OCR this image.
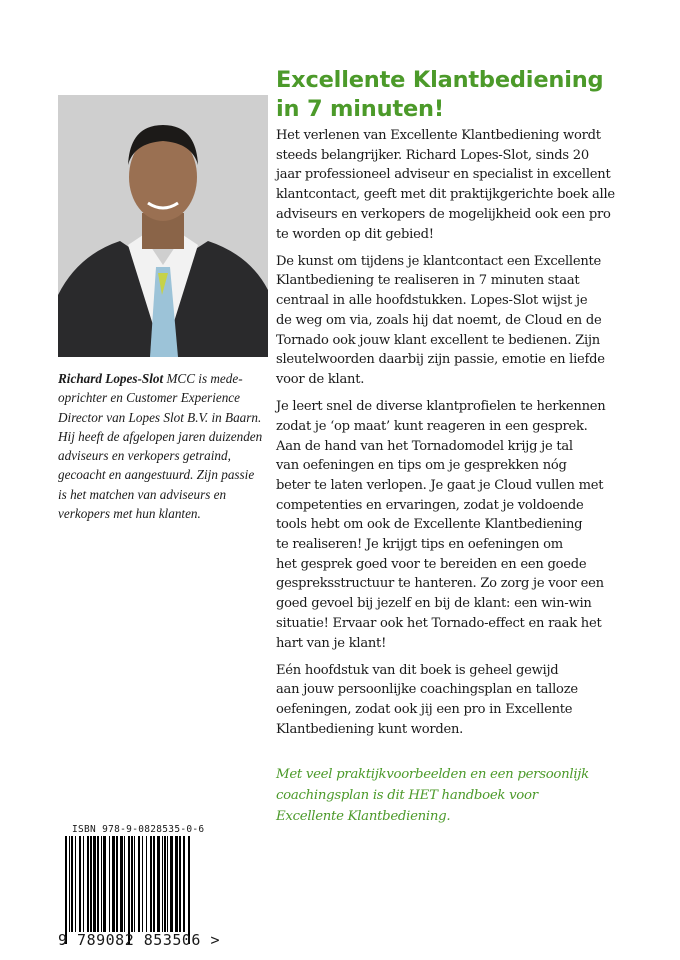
Richard Lopes-Slot MCC is mede-
oprichter en Customer Experience
Director van Lopes Slot B.V. in Baarn.
Hij heeft de afgelopen jaren duizenden
adviseurs en verkopers getraind,
gecoacht en aangestuurd. Zijn passie
is het matchen van adviseurs en
verkopers met hun klanten.
Excellente Klantbediening
in 7 minuten!
Het verlenen van Excellente Klantbediening wordt
steeds belangrijker. Richard Lopes-Slot, sinds 20
jaar professioneel adviseur en specialist in excellent
klantcontact, geeft met dit praktijkgerichte boek alle
adviseurs en verkopers de mogelijkheid ook een pro
te worden op dit gebied!
De kunst om tijdens je klantcontact een Excellente
Klantbediening te realiseren in 7 minuten staat
centraal in alle hoofdstukken. Lopes-Slot wijst je
de weg om via, zoals hij dat noemt, de Cloud en de
Tornado ook jouw klant excellent te bedienen. Zijn
sleutelwoorden daarbij zijn passie, emotie en liefde
voor de klant.
Je leert snel de diverse klantprofielen te herkennen
zodat je ‘op maat’ kunt reageren in een gesprek.
Aan de hand van het Tornadomodel krijg je tal
van oefeningen en tips om je gesprekken nóg
beter te laten verlopen. Je gaat je Cloud vullen met
competenties en ervaringen, zodat je voldoende
tools hebt om ook de Excellente Klantbediening
te realiseren! Je krijgt tips en oefeningen om
het gesprek goed voor te bereiden en een goede
gespreksstructuur te hanteren. Zo zorg je voor een
goed gevoel bij jezelf en bij de klant: een win-win
situatie! Ervaar ook het Tornado-effect en raak het
hart van je klant!
Eén hoofdstuk van dit boek is geheel gewijd
aan jouw persoonlijke coachingsplan en talloze
oefeningen, zodat ook jij een pro in Excellente
Klantbediening kunt worden.
Met veel praktijkvoorbeelden en een persoonlijk
coachingsplan is dit HET handboek voor
Excellente Klantbediening.
ISBN 978-9-0828535-0-6
9 789082 853506 >
